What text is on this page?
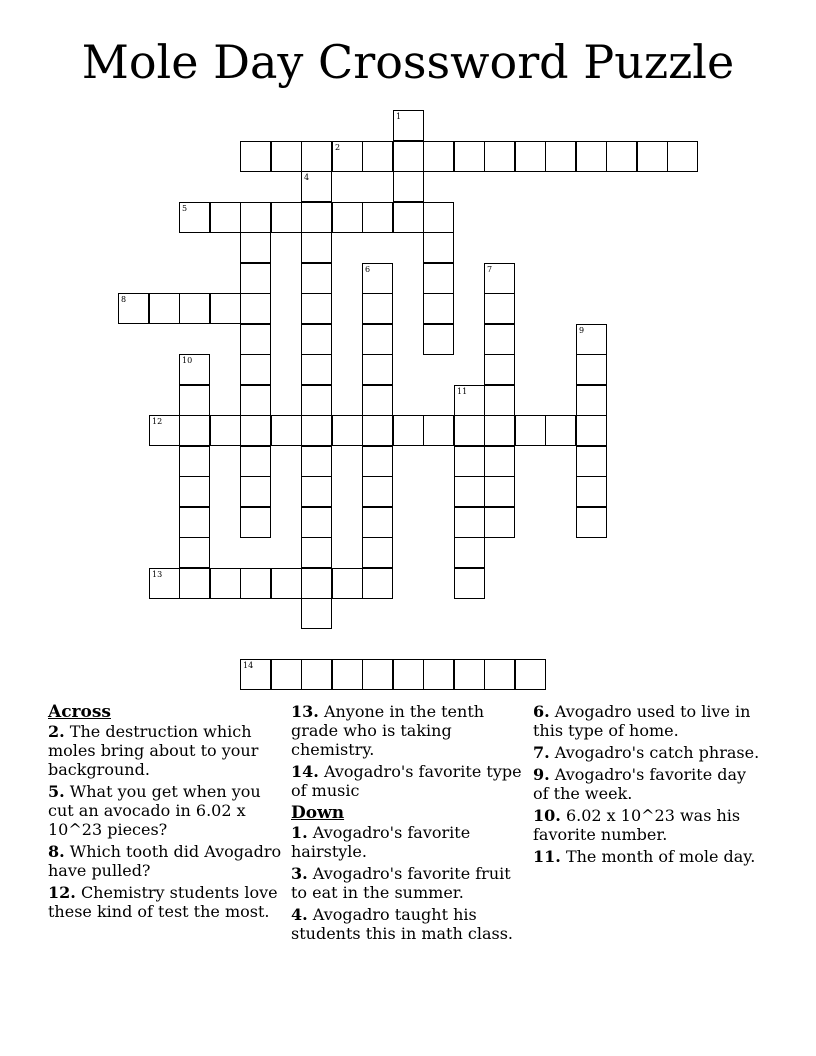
Mole Day Crossword Puzzle
1
2
4
5
6	7
8
9
10
11
12
13
14
Across

2. The destruction which moles bring about to your background.

5. What you get when you cut an avocado in 6.02 x 10^23 pieces?

8. Which tooth did Avogadro have pulled?

12. Chemistry students love these kind of test the most.

13. Anyone in the tenth grade who is taking chemistry.

14. Avogadro's favorite type of music

Down

1. Avogadro's favorite hairstyle.

3. Avogadro's favorite fruit to eat in the summer.

4. Avogadro taught his students this in math class.

6. Avogadro used to live in this type of home.

7. Avogadro's catch phrase.

9. Avogadro's favorite day of the week.

10. 6.02 x 10^23 was his favorite number.

11. The month of mole day.
